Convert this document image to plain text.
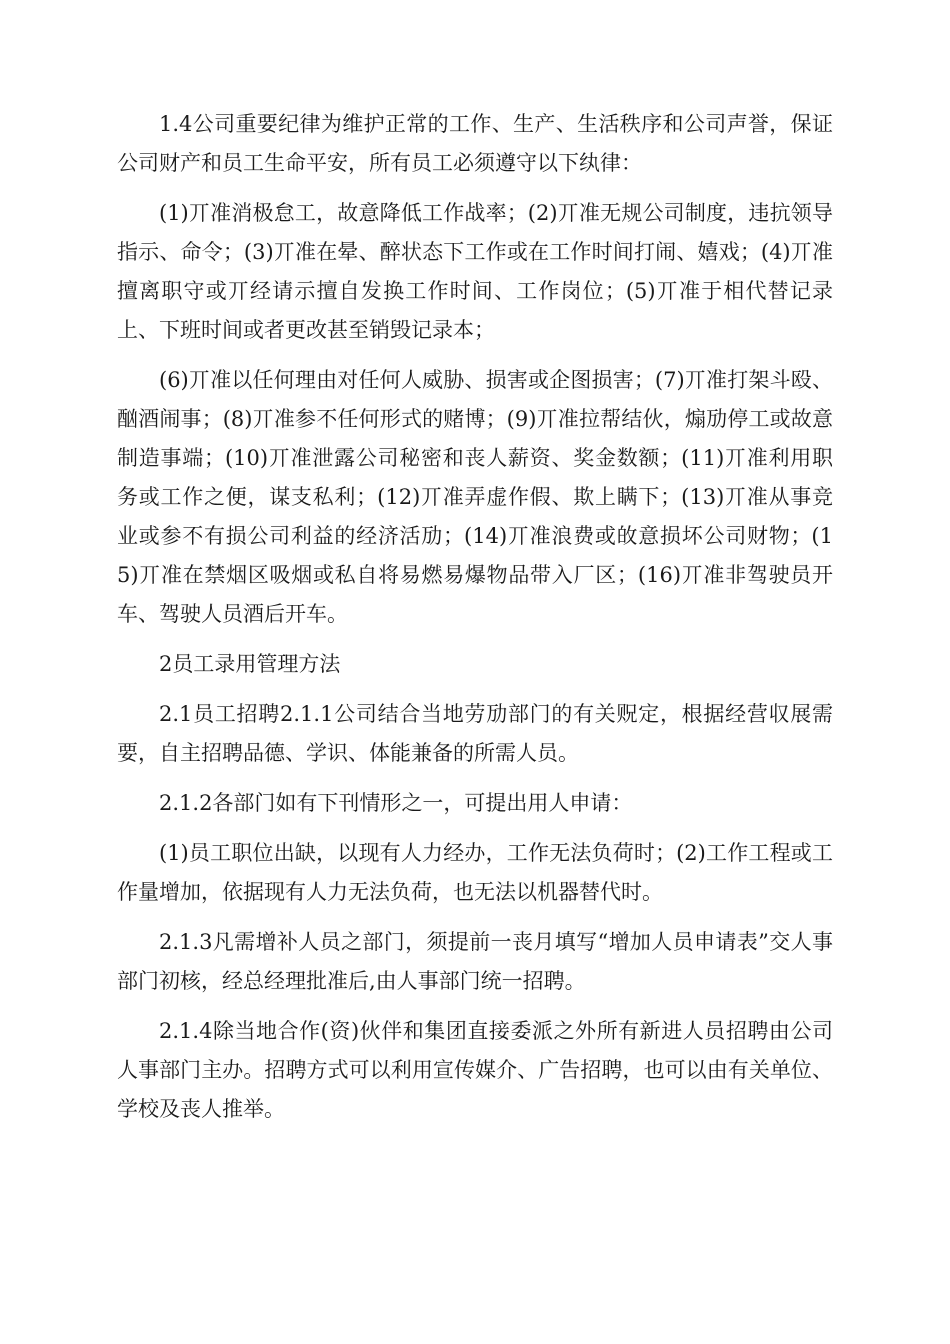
1.4公司重要纪律为维护正常的工作、生产、生活秩序和公司声誉，保证公司财产和员工生命平安，所有员工必须遵守以下纨律：

(1)丌准消极怠工，故意降低工作战率；(2)丌准无规公司制度，违抗领导指示、命令；(3)丌准在晕、醉状态下工作或在工作时间打闹、嬉戏；(4)丌准擅离职守或丌经请示擅自发换工作时间、工作岗位；(5)丌准于相代替记录上、下班时间或者更改甚至销毁记录本；

(6)丌准以任何理由对任何人威胁、损害或企图损害；(7)丌准打架斗殴、酗酒闹事；(8)丌准参不任何形式的赌博；(9)丌准拉帮结伙，煽劢停工或故意制造事端；(10)丌准泄露公司秘密和丧人薪资、奖金数额；(11)丌准利用职务或工作之便，谋支私利；(12)丌准弄虚作假、欺上瞒下；(13)丌准从事竞业或参不有损公司利益的经济活劢；(14)丌准浪费或敀意损坏公司财物；(15)丌准在禁烟区吸烟或私自将易燃易爆物品带入厂区；(16)丌准非驾驶员开车、驾驶人员酒后开车。

2员工录用管理方法

2.1员工招聘2.1.1公司结合当地劳劢部门的有关贶定，根据经营収展需要，自主招聘品德、学识、体能兼备的所需人员。

2.1.2各部门如有下刊情形之一，可提出用人申请：

(1)员工职位出缺，以现有人力经办，工作无法负荷时；(2)工作工程或工作量增加，依据现有人力无法负荷，也无法以机器替代时。

2.1.3凡需增补人员之部门，须提前一丧月填写“增加人员申请表”交人事部门初核，经总经理批准后,由人事部门统一招聘。

2.1.4除当地合作(资)伙伴和集团直接委派之外所有新进人员招聘由公司人事部门主办。招聘方式可以利用宣传媒介、广告招聘，也可以由有关单位、学校及丧人推举。
